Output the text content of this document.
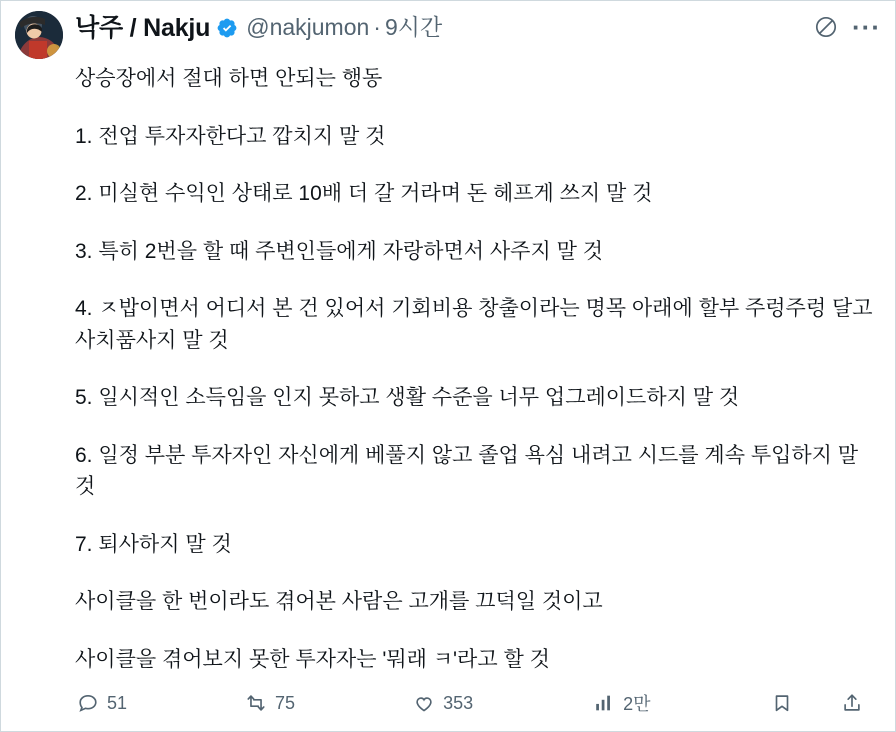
낙주 / Nakju @nakjumon · 9시간	···

상승장에서 절대 하면 안되는 행동

1. 전업 투자자한다고 깝치지 말 것

2. 미실현 수익인 상태로 10배 더 갈 거라며 돈 헤프게 쓰지 말 것

3. 특히 2번을 할 때 주변인들에게 자랑하면서 사주지 말 것

4. ㅈ밥이면서 어디서 본 건 있어서 기회비용 창출이라는 명목 아래에 할부 주렁주렁 달고 사치품사지 말 것

5. 일시적인 소득임을 인지 못하고 생활 수준을 너무 업그레이드하지 말 것

6. 일정 부분 투자자인 자신에게 베풀지 않고 졸업 욕심 내려고 시드를 계속 투입하지 말 것

7. 퇴사하지 말 것

사이클을 한 번이라도 겪어본 사람은 고개를 끄덕일 것이고

사이클을 겪어보지 못한 투자자는 '뭐래 ㅋ'라고 할 것

51	75	353	2만
